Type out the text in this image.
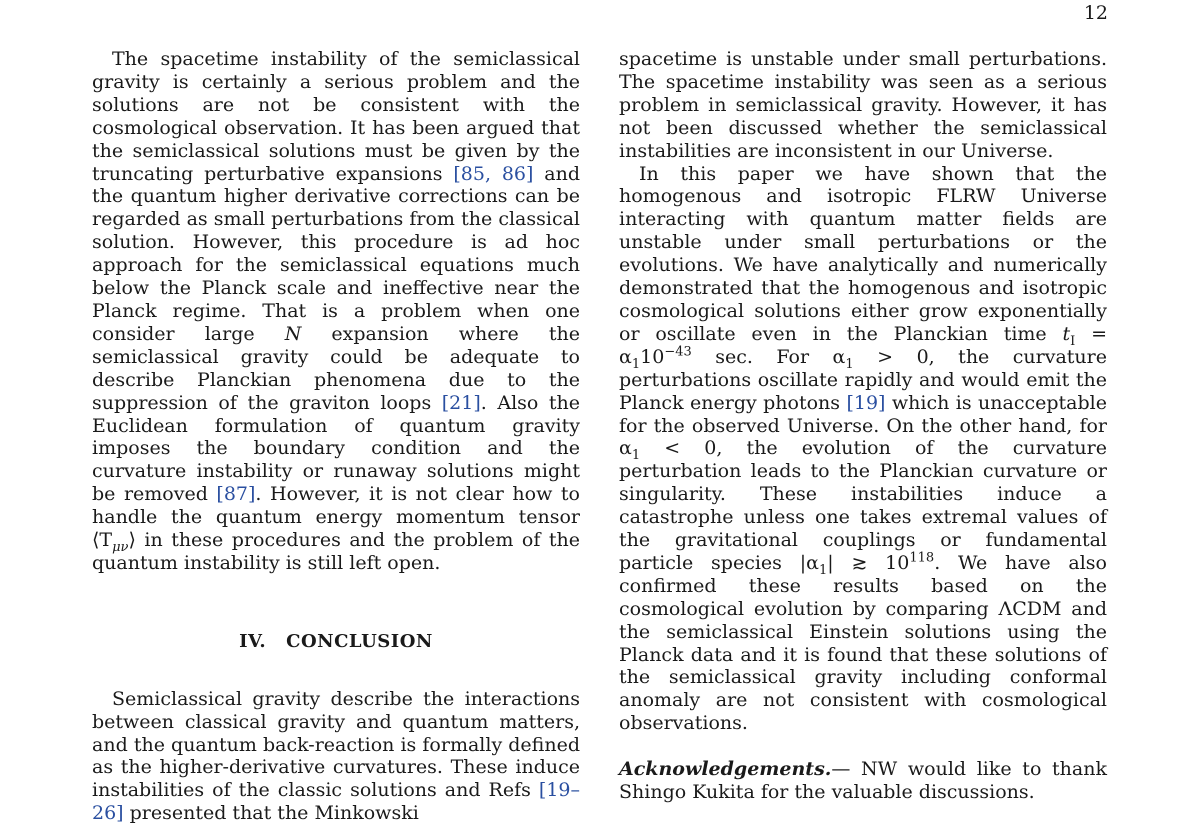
12

The spacetime instability of the semiclassical gravity is certainly a serious problem and the solutions are not be consistent with the cosmological observation. It has been argued that the semiclassical solutions must be given by the truncating perturbative expansions [85, 86] and the quantum higher derivative corrections can be regarded as small perturbations from the classical solution. However, this procedure is ad hoc approach for the semiclassical equations much below the Planck scale and ineffective near the Planck regime. That is a problem when one consider large N expansion where the semiclassical gravity could be adequate to describe Planckian phenomena due to the suppression of the graviton loops [21]. Also the Euclidean formulation of quantum gravity imposes the boundary condition and the curvature instability or runaway solutions might be removed [87]. However, it is not clear how to handle the quantum energy momentum tensor $⟨T_{\mu\nu}⟩$ in these procedures and the problem of the quantum instability is still left open.

IV. CONCLUSION

Semiclassical gravity describe the interactions between classical gravity and quantum matters, and the quantum back-reaction is formally defined as the higher-derivative curvatures. These induce instabilities of the classic solutions and Refs [19–26] presented that the Minkowski

spacetime is unstable under small perturbations. The spacetime instability was seen as a serious problem in semiclassical gravity. However, it has not been discussed whether the semiclassical instabilities are inconsistent in our Universe.

In this paper we have shown that the homogenous and isotropic FLRW Universe interacting with quantum matter fields are unstable under small perturbations or the evolutions. We have analytically and numerically demonstrated that the homogenous and isotropic cosmological solutions either grow exponentially or oscillate even in the Planckian time $t_I = \alpha_110^{-43}$ sec. For $\alpha_1 > 0$, the curvature perturbations oscillate rapidly and would emit the Planck energy photons [19] which is unacceptable for the observed Universe. On the other hand, for $\alpha_1 < 0$, the evolution of the curvature perturbation leads to the Planckian curvature or singularity. These instabilities induce a catastrophe unless one takes extremal values of the gravitational couplings or fundamental particle species $|\alpha_1|$ ≳ $10^{118}$. We have also confirmed these results based on the cosmological evolution by comparing ΛCDM and the semiclassical Einstein solutions using the Planck data and it is found that these solutions of the semiclassical gravity including conformal anomaly are not consistent with cosmological observations.

Acknowledgements.— NW would like to thank Shingo Kukita for the valuable discussions.
